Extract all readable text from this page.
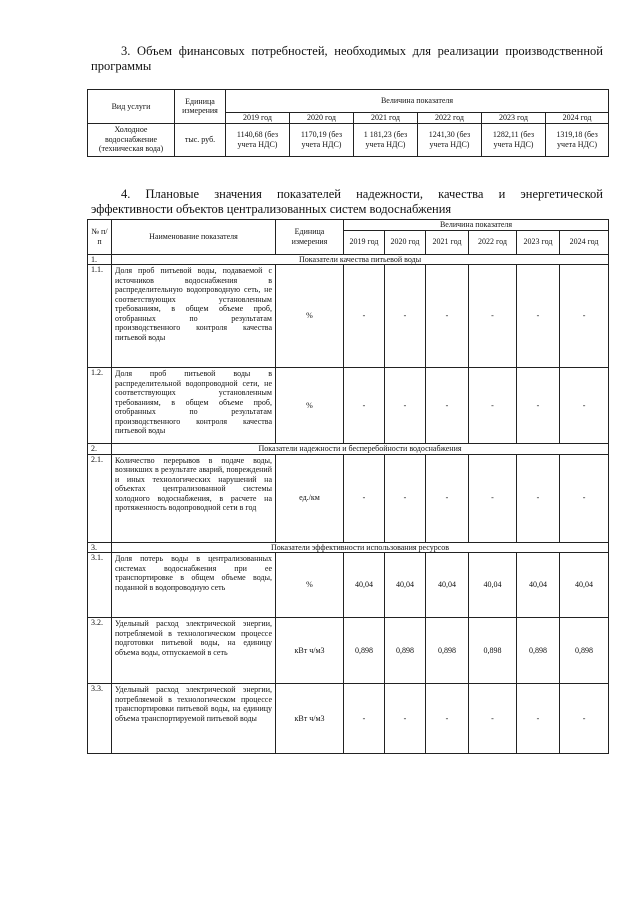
3. Объем финансовых потребностей, необходимых для реализации производственной
программы
Вид услуги	Единица измерения	Величина показателя					
		2019 год	2020 год	2021 год	2022 год	2023 год	2024 год
Холодное водоснабжение (техническая вода)	тыс. руб.	1140,68 (без учета НДС)	1170,19 (без учета НДС)	1 181,23 (без учета НДС)	1241,30 (без учета НДС)	1282,11 (без учета НДС)	1319,18 (без учета НДС)
4. Плановые значения показателей надежности, качества и энергетической
эффективности объектов централизованных систем водоснабжения
№ п/п	Наименование показателя	Единица измерения	Величина показателя					
			2019 год	2020 год	2021 год	2022 год	2023 год	2024 год
1.	Показатели качества питьевой воды							
1.1.	Доля проб питьевой воды, подаваемой с источников водоснабжения в распределительную водопроводную сеть, не соответствующих установленным требованиям, в общем объеме проб, отобранных по результатам производственного контроля качества питьевой воды	%	-	-	-	-	-	-
1.2.	Доля проб питьевой воды в распределительной водопроводной сети, не соответствующих установленным требованиям, в общем объеме проб, отобранных по результатам производственного контроля качества питьевой воды	%	-	-	-	-	-	-
2.	Показатели надежности и бесперебойности водоснабжения							
2.1.	Количество перерывов в подаче воды, возникших в результате аварий, повреждений и иных технологических нарушений на объектах централизованной системы холодного водоснабжения, в расчете на протяженность водопроводной сети в год	ед./км	-	-	-	-	-	-
3.	Показатели эффективности использования ресурсов							
3.1.	Доля потерь воды в централизованных системах водоснабжения при ее транспортировке в общем объеме воды, поданной в водопроводную сеть	%	40,04	40,04	40,04	40,04	40,04	40,04
3.2.	Удельный расход электрической энергии, потребляемой в технологическом процессе подготовки питьевой воды, на единицу объема воды, отпускаемой в сеть	кВт ч/м3	0,898	0,898	0,898	0,898	0,898	0,898
3.3.	Удельный расход электрической энергии, потребляемой в технологическом процессе транспортировки питьевой воды, на единицу объема транспортируемой питьевой воды	кВт ч/м3	-	-	-	-	-	-
